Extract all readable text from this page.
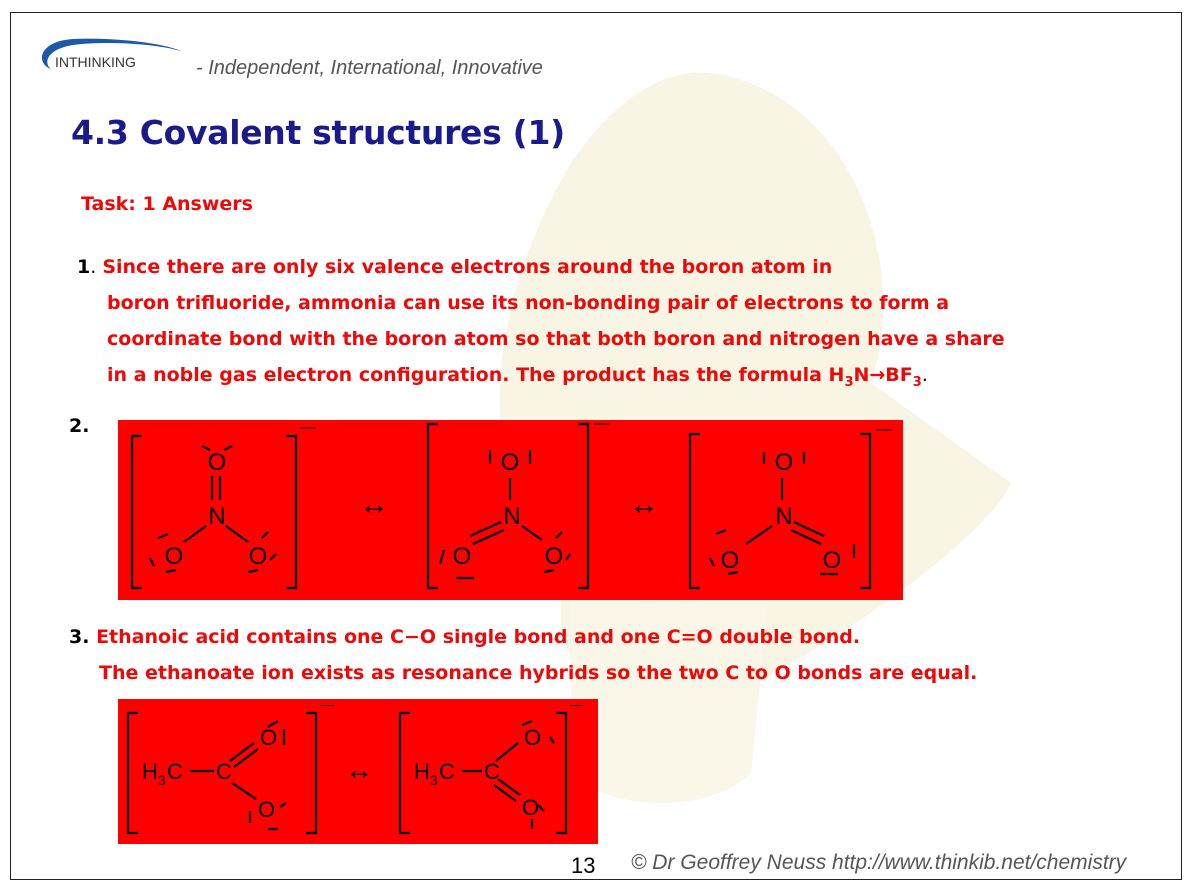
INTHINKING	- Independent, International, Innovative
4.3 Covalent structures (1)
Task: 1 Answers
1. Since there are only six valence electrons around the boron atom in
boron trifluoride, ammonia can use its non-bonding pair of electrons to form a
coordinate bond with the boron atom so that both boron and nitrogen have a share
in a noble gas electron configuration. The product has the formula $H_3N\to BF_3$.
2.
O
N
O	O
O
N
O	O
O
N
O	O
↔	↔
—	—	—
3. Ethanoic acid contains one C−O single bond and one C=O double bond.
The ethanoate ion exists as resonance hybrids so the two C to O bonds are equal.
H 3 C C
O
O
H 3 C C
O
O
↔
—	—
13 © Dr Geoffrey Neuss http://www.thinkib.net/chemistry
